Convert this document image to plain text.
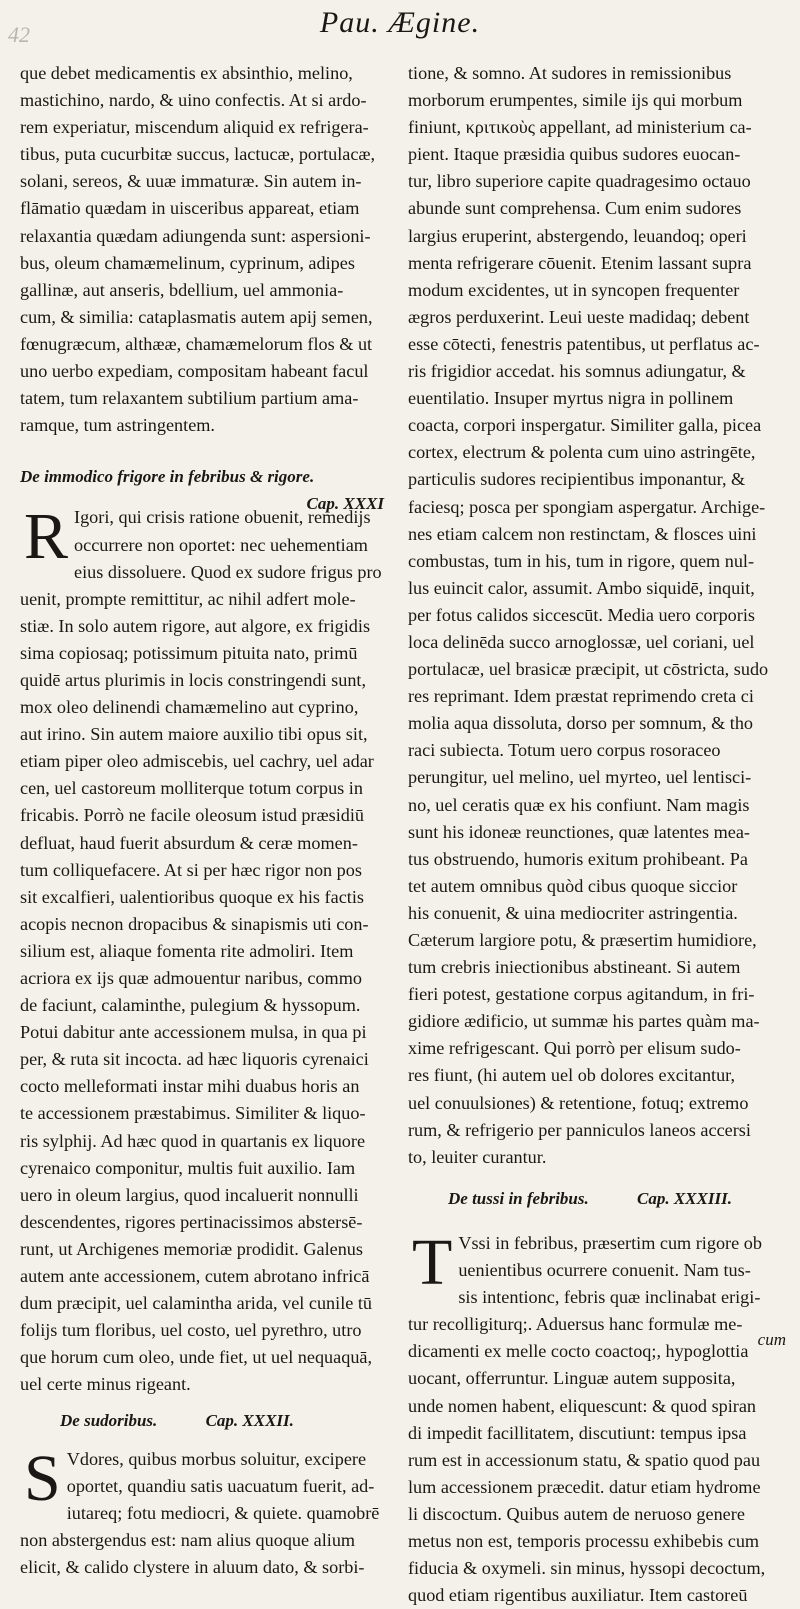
42	Pau. Ægine.
que debet medicamentis ex absinthio, melino,
mastichino, nardo, & uino confectis. At si ardo-
rem experiatur, miscendum aliquid ex refrigera-
tibus, puta cucurbitæ succus, lactucæ, portulacæ,
solani, sereos, & uuæ immaturæ. Sin autem in-
flāmatio quædam in uisceribus appareat, etiam
relaxantia quædam adiungenda sunt: aspersioni-
bus, oleum chamæmelinum, cyprinum, adipes
gallinæ, aut anseris, bdellium, uel ammonia-
cum, & similia: cataplasmatis autem apij semen,
fœnugræcum, althææ, chamæmelorum flos & ut
uno uerbo expediam, compositam habeant facul
tatem, tum relaxantem subtilium partium ama-
ramque, tum astringentem.
De immodico frigore in febribus & rigore.
Cap. XXXI
R Igori, qui crisis ratione obuenit, remedijs
occurrere non oportet: nec uehementiam
eius dissoluere. Quod ex sudore frigus pro
uenit, prompte remittitur, ac nihil adfert mole-
stiæ. In solo autem rigore, aut algore, ex frigidis
sima copiosaq; potissimum pituita nato, primū
quidē artus plurimis in locis constringendi sunt,
mox oleo delinendi chamæmelino aut cyprino,
aut irino. Sin autem maiore auxilio tibi opus sit,
etiam piper oleo admiscebis, uel cachry, uel adar
cen, uel castoreum molliterque totum corpus in
fricabis. Porrò ne facile oleosum istud præsidiū
defluat, haud fuerit absurdum & ceræ momen-
tum colliquefacere. At si per hæc rigor non pos
sit excalfieri, ualentioribus quoque ex his factis
acopis necnon dropacibus & sinapismis uti con-
silium est, aliaque fomenta rite admoliri. Item
acriora ex ijs quæ admouentur naribus, commo
de faciunt, calaminthe, pulegium & hyssopum.
Potui dabitur ante accessionem mulsa, in qua pi
per, & ruta sit incocta. ad hæc liquoris cyrenaici
cocto melleformati instar mihi duabus horis an
te accessionem præstabimus. Similiter & liquo-
ris sylphij. Ad hæc quod in quartanis ex liquore
cyrenaico componitur, multis fuit auxilio. Iam
uero in oleum largius, quod incaluerit nonnulli
descendentes, rigores pertinacissimos abstersē-
runt, ut Archigenes memoriæ prodidit. Galenus
autem ante accessionem, cutem abrotano infricā
dum præcipit, uel calamintha arida, vel cunile tū
folijs tum floribus, uel costo, uel pyrethro, utro
que horum cum oleo, unde fiet, ut uel nequaquā,
uel certe minus rigeant.
De sudoribus.	Cap. XXXII.
S Vdores, quibus morbus soluitur, excipere
oportet, quandiu satis uacuatum fuerit, ad-
iutareq; fotu mediocri, & quiete. quamobrē
non abstergendus est: nam alius quoque alium
elicit, & calido clystere in aluum dato, & sorbi-
tione, & somno. At sudores in remissionibus
morborum erumpentes, simile ijs qui morbum
finiunt, κριτικοὺς appellant, ad ministerium ca-
pient. Itaque præsidia quibus sudores euocan-
tur, libro superiore capite quadragesimo octauo
abunde sunt comprehensa. Cum enim sudores
largius eruperint, abstergendo, leuandoq; operi
menta refrigerare cōuenit. Etenim lassant supra
modum excidentes, ut in syncopen frequenter
ægros perduxerint. Leui ueste madidaq; debent
esse cōtecti, fenestris patentibus, ut perflatus ac-
ris frigidior accedat. his somnus adiungatur, &
euentilatio. Insuper myrtus nigra in pollinem
coacta, corpori inspergatur. Similiter galla, picea
cortex, electrum & polenta cum uino astringēte,
particulis sudores recipientibus imponantur, &
faciesq; posca per spongiam aspergatur. Archige-
nes etiam calcem non restinctam, & flosces uini
combustas, tum in his, tum in rigore, quem nul-
lus euincit calor, assumit. Ambo siquidē, inquit,
per fotus calidos siccescūt. Media uero corporis
loca delinēda succo arnoglossæ, uel coriani, uel
portulacæ, uel brasicæ præcipit, ut cōstricta, sudo
res reprimant. Idem præstat reprimendo creta ci
molia aqua dissoluta, dorso per somnum, & tho
raci subiecta. Totum uero corpus rosoraceo
perungitur, uel melino, uel myrteo, uel lentisci-
no, uel ceratis quæ ex his confiunt. Nam magis
sunt his idoneæ reunctiones, quæ latentes mea-
tus obstruendo, humoris exitum prohibeant. Pa
tet autem omnibus quòd cibus quoque siccior
his conuenit, & uina mediocriter astringentia.
Cæterum largiore potu, & præsertim humidiore,
tum crebris iniectionibus abstineant. Si autem
fieri potest, gestatione corpus agitandum, in fri-
gidiore ædificio, ut summæ his partes quàm ma-
xime refrigescant. Qui porrò per elisum sudo-
res fiunt, (hi autem uel ob dolores excitantur,
uel conuulsiones) & retentione, fotuq; extremo
rum, & refrigerio per panniculos laneos accersi
to, leuiter curantur.
De tussi in febribus.	Cap. XXXIII.
T Vssi in febribus, præsertim cum rigore ob
uenientibus ocurrere conuenit. Nam tus-
sis intentionc, febris quæ inclinabat erigi-
tur recolligiturq;. Aduersus hanc formulæ me-
dicamenti ex melle cocto coactoq;, hypoglottia
uocant, offerruntur. Linguæ autem supposita,
unde nomen habent, eliquescunt: & quod spiran
di impedit facillitatem, discutiunt: tempus ipsa
rum est in accessionum statu, & spatio quod pau
lum accessionem præcedit. datur etiam hydrome
li discoctum. Quibus autem de neruoso genere
metus non est, temporis processu exhibebis cum
fiducia & oxymeli. sin minus, hyssopi decoctum,
quod etiam rigentibus auxiliatur. Item castoreū
cum
